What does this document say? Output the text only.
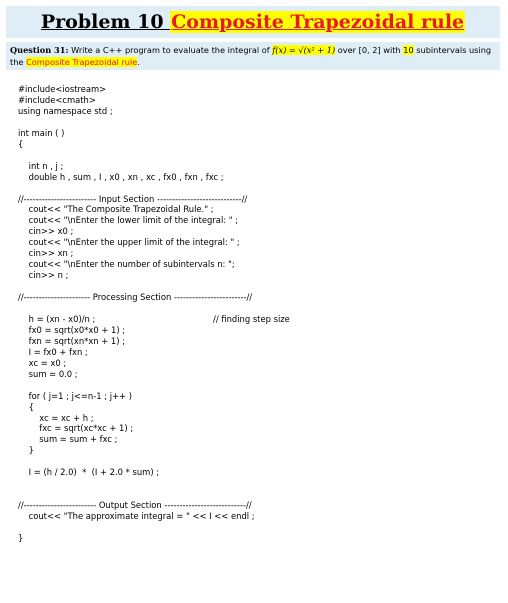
Problem 10 Composite Trapezoidal rule
Question 31: Write a C++ program to evaluate the integral of f(x) = √(x² + 1) over [0, 2] with 10 subintervals using the Composite Trapezoidal rule.
#include<iostream>
#include<cmath>
using namespace std ;
int main ( )
{
int n , j ;
double h , sum , I , x0 , xn , xc , fx0 , fxn , fxc ;
//------------------------ Input Section ----------------------------//
cout<< "The Composite Trapezoidal Rule." ;
cout<< "\nEnter the lower limit of the integral: " ;
cin>> x0 ;
cout<< "\nEnter the upper limit of the integral: " ;
cin>> xn ;
cout<< "\nEnter the number of subintervals n: ";
cin>> n ;
//---------------------- Processing Section ------------------------//
h = (xn - x0)/n ;	// finding step size
fx0 = sqrt(x0*x0 + 1) ;
fxn = sqrt(xn*xn + 1) ;
I = fx0 + fxn ;
xc = x0 ;
sum = 0.0 ;
for ( j=1 ; j<=n-1 ; j++ )
{
xc = xc + h ;
fxc = sqrt(xc*xc + 1) ;
sum = sum + fxc ;
}
I = (h / 2.0)  *  (I + 2.0 * sum) ;
//------------------------ Output Section ---------------------------//
cout<< "The approximate integral = " << I << endl ;
}
